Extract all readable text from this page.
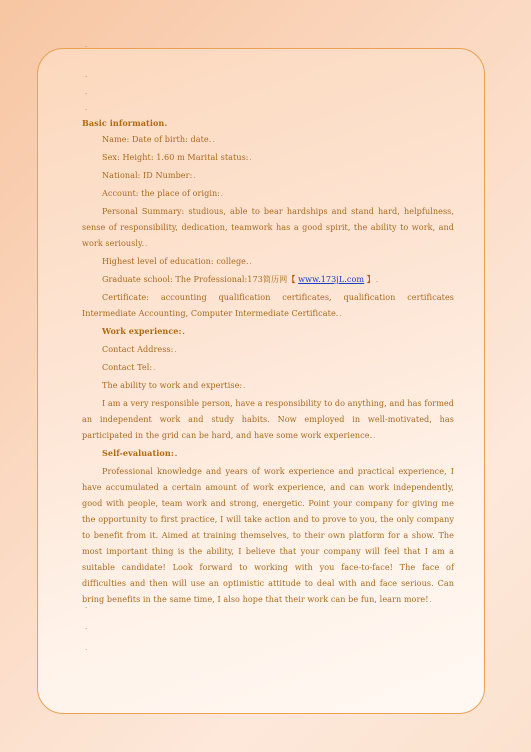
.
.
.
.
.
.
.
Basic information.
Name: Date of birth: date..
Sex: Height: 1.60 m Marital status:.
National: ID Number:.
Account: the place of origin:.

Personal Summary: studious, able to bear hardships and stand hard, helpfulness, sense of responsibility, dedication, teamwork has a good spirit, the ability to work, and work seriously..

Highest level of education: college..
Graduate school: The Professional:173简历网【 www.173jL.com 】.

Certificate: accounting qualification certificates, qualification certificates Intermediate Accounting, Computer Intermediate Certificate..

Work experience:.
Contact Address:.
Contact Tel:.
The ability to work and expertise:.

I am a very responsible person, have a responsibility to do anything, and has formed an independent work and study habits. Now employed in well-motivated, has participated in the grid can be hard, and have some work experience..

Self-evaluation:.

Professional knowledge and years of work experience and practical experience, I have accumulated a certain amount of work experience, and can work independently, good with people, team work and strong, energetic. Point your company for giving me the opportunity to first practice, I will take action and to prove to you, the only company to benefit from it. Aimed at training themselves, to their own platform for a show. The most important thing is the ability, I believe that your company will feel that I am a suitable candidate! Look forward to working with you face-to-face! The face of difficulties and then will use an optimistic attitude to deal with and face serious. Can bring benefits in the same time, I also hope that their work can be fun, learn more!.
